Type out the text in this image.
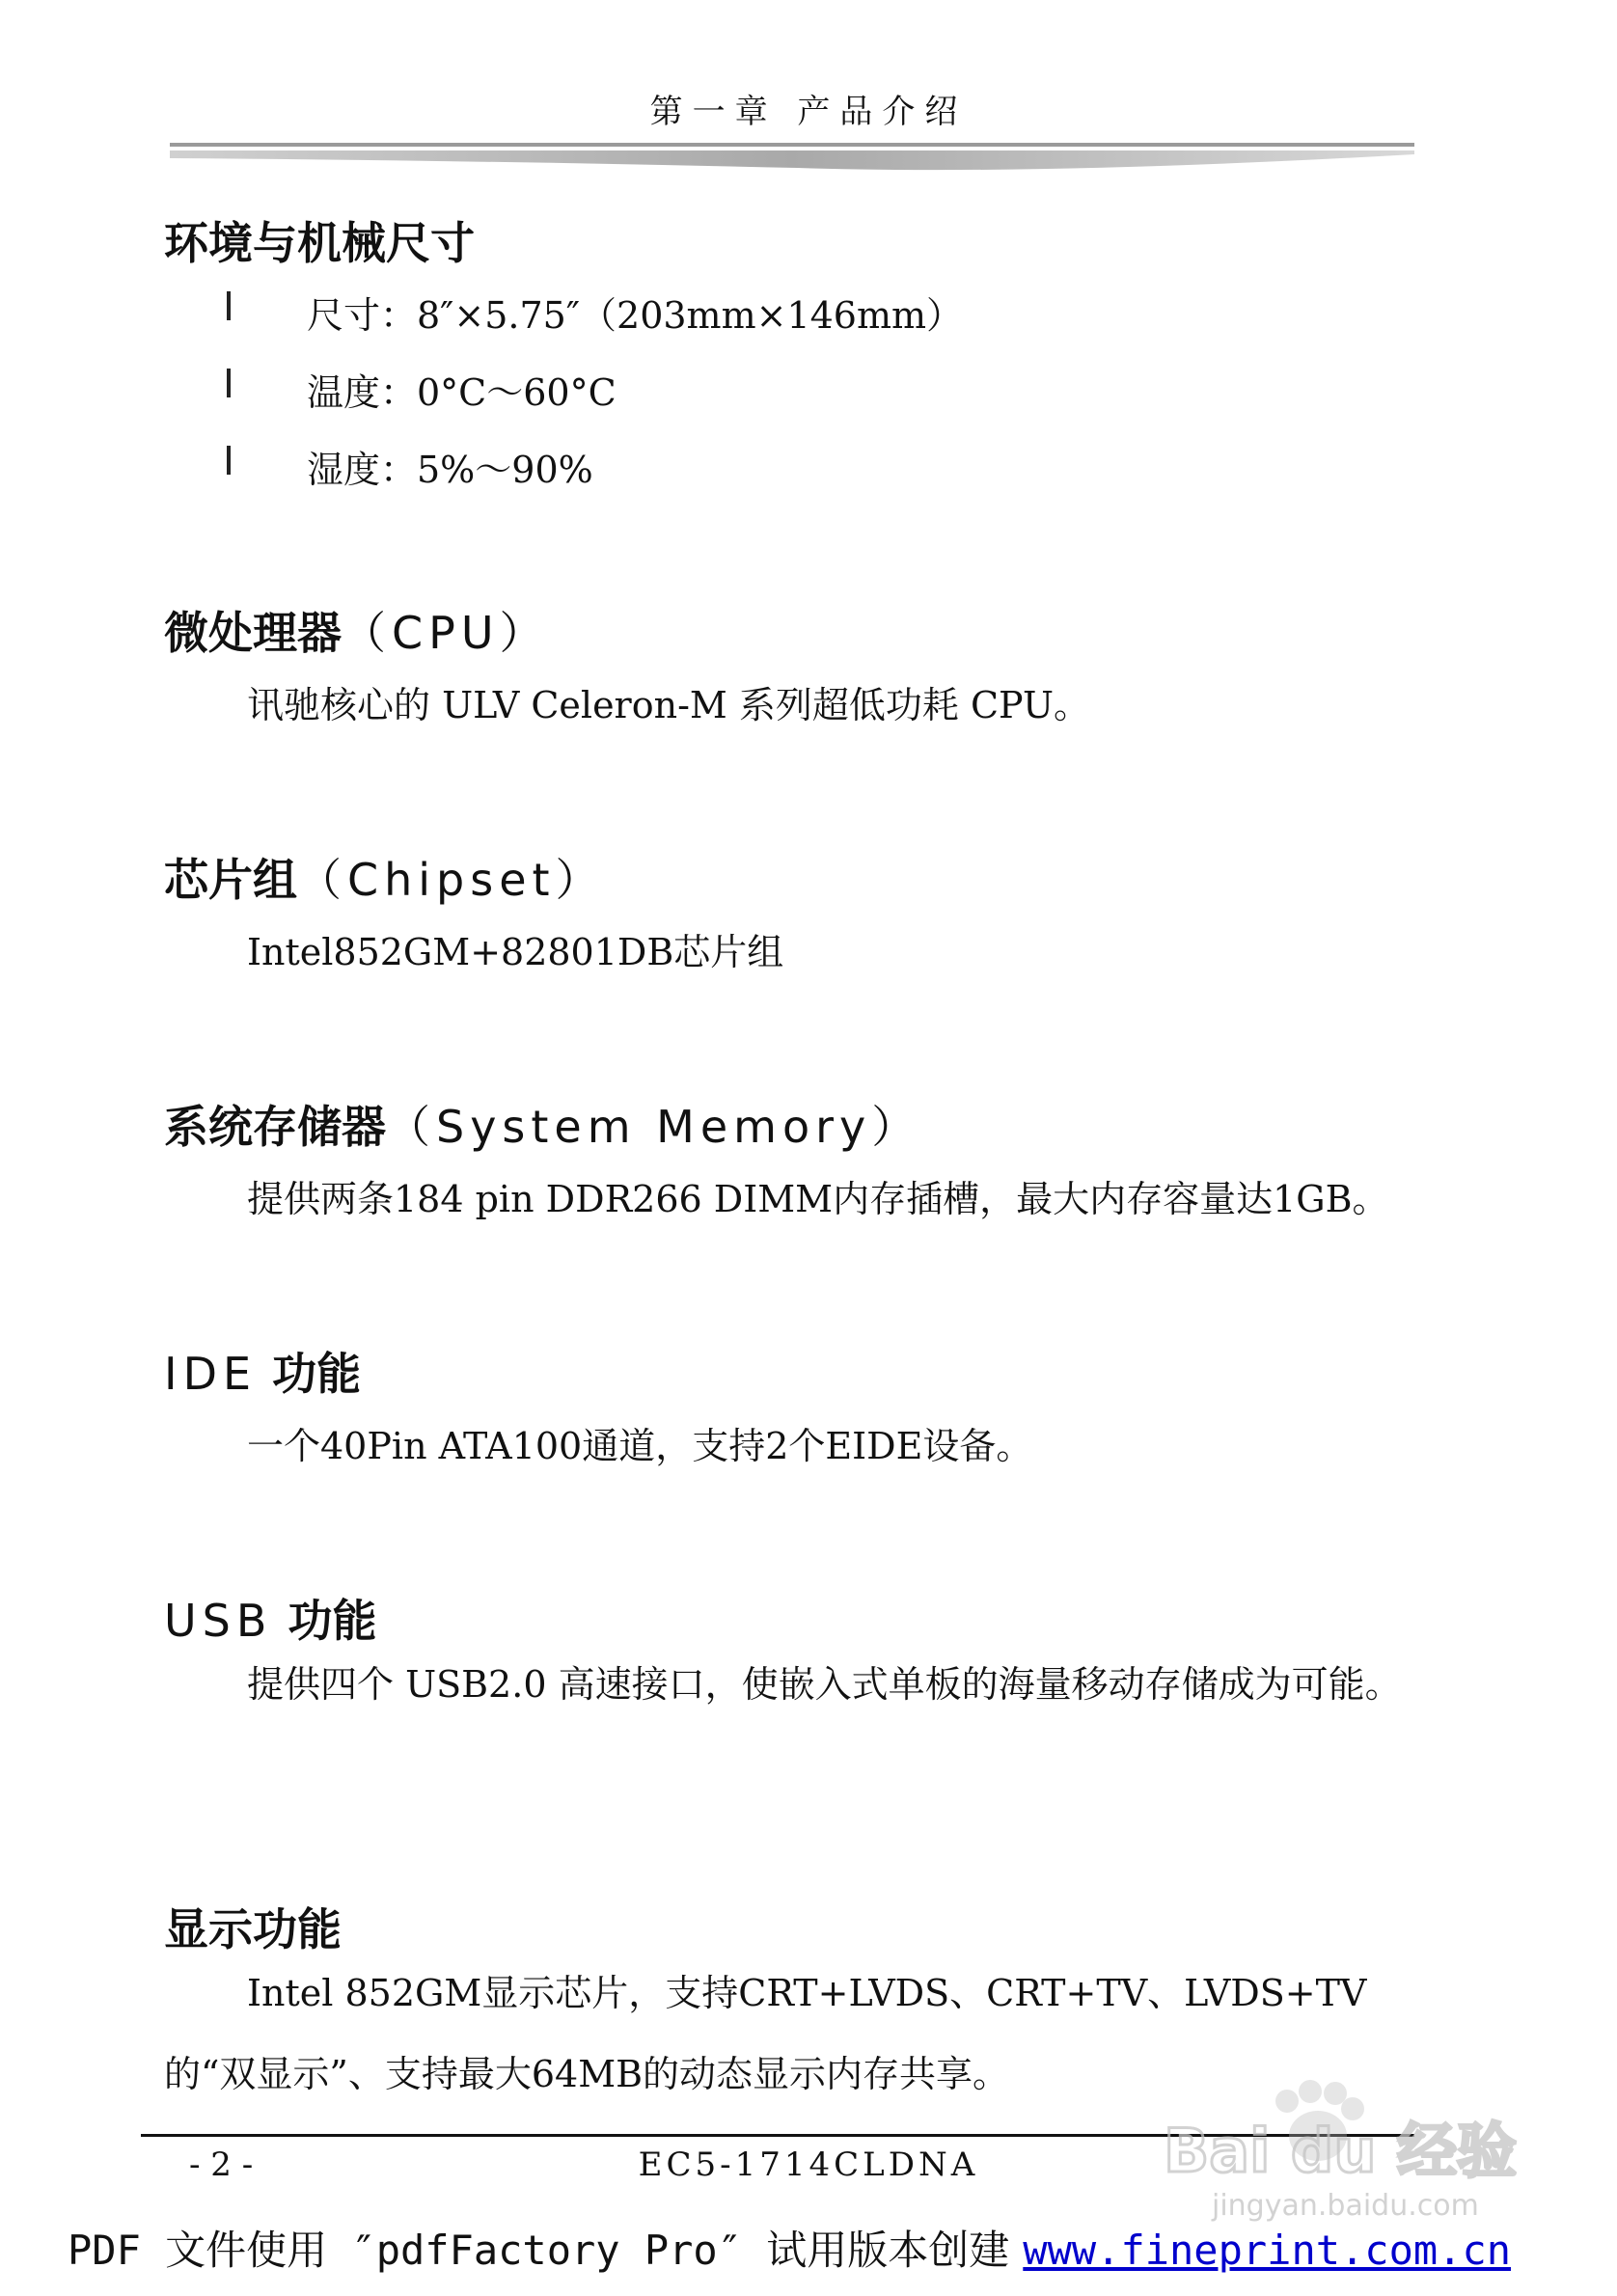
第一章 产品介绍
环境与机械尺寸
尺寸：8″×5.75″（203mm×146mm）
温度：0°C～60°C
湿度：5%～90%
微处理器（CPU）
讯驰核心的 ULV Celeron-M 系列超低功耗 CPU。
芯片组（Chipset）
Intel852GM+82801DB芯片组
系统存储器（System Memory）
提供两条184 pin DDR266 DIMM内存插槽，最大内存容量达1GB。
IDE 功能
一个40Pin ATA100通道，支持2个EIDE设备。
USB 功能
提供四个 USB2.0 高速接口，使嵌入式单板的海量移动存储成为可能。
显示功能
Intel 852GM显示芯片，支持CRT+LVDS、CRT+TV、LVDS+TV的“双显示”、支持最大64MB的动态显示内存共享。
- 2 -	EC5-1714CLDNA	Bai du 经验
jingyan.baidu.com
PDF 文件使用 ″pdfFactory Pro″ 试用版本创建 www.fineprint.com.cn
